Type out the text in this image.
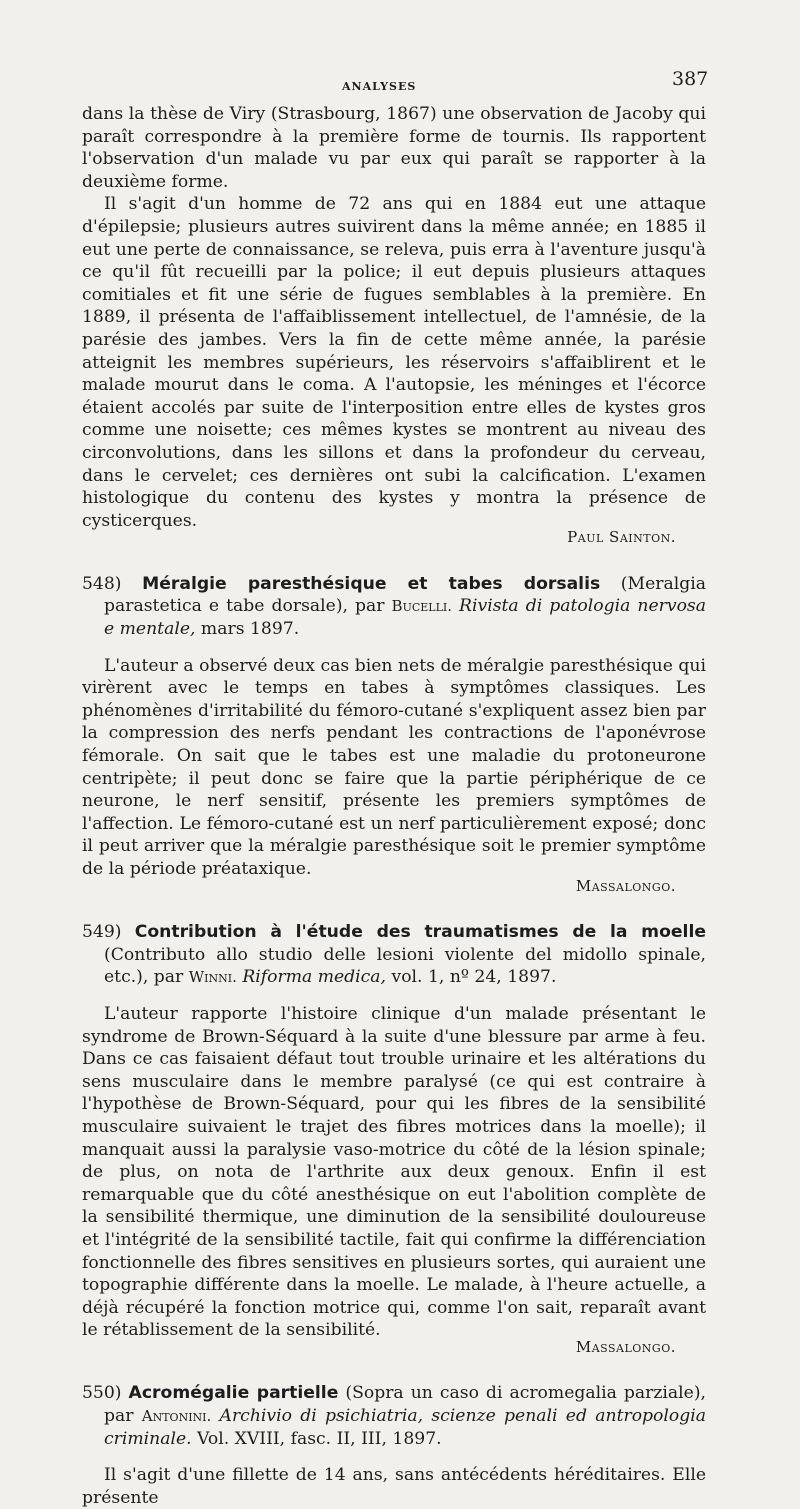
ANALYSES	387

dans la thèse de Viry (Strasbourg, 1867) une observation de Jacoby qui paraît correspondre à la première forme de tournis. Ils rapportent l'observation d'un malade vu par eux qui paraît se rapporter à la deuxième forme.

Il s'agit d'un homme de 72 ans qui en 1884 eut une attaque d'épilepsie; plusieurs autres suivirent dans la même année; en 1885 il eut une perte de connaissance, se releva, puis erra à l'aventure jusqu'à ce qu'il fût recueilli par la police; il eut depuis plusieurs attaques comitiales et fit une série de fugues semblables à la première. En 1889, il présenta de l'affaiblissement intellectuel, de l'amnésie, de la parésie des jambes. Vers la fin de cette même année, la parésie atteignit les membres supérieurs, les réservoirs s'affaiblirent et le malade mourut dans le coma. A l'autopsie, les méninges et l'écorce étaient accolés par suite de l'interposition entre elles de kystes gros comme une noisette; ces mêmes kystes se montrent au niveau des circonvolutions, dans les sillons et dans la profondeur du cerveau, dans le cervelet; ces dernières ont subi la calcification. L'examen histologique du contenu des kystes y montra la présence de cysticerques.

Paul Sainton.

548) Méralgie paresthésique et tabes dorsalis (Meralgia parastetica e tabe dorsale), par Bucelli. Rivista di patologia nervosa e mentale, mars 1897.

L'auteur a observé deux cas bien nets de méralgie paresthésique qui virèrent avec le temps en tabes à symptômes classiques. Les phénomènes d'irritabilité du fémoro-cutané s'expliquent assez bien par la compression des nerfs pendant les contractions de l'aponévrose fémorale. On sait que le tabes est une maladie du protoneurone centripète; il peut donc se faire que la partie périphérique de ce neurone, le nerf sensitif, présente les premiers symptômes de l'affection. Le fémoro-cutané est un nerf particulièrement exposé; donc il peut arriver que la méralgie paresthésique soit le premier symptôme de la période préataxique.

Massalongo.

549) Contribution à l'étude des traumatismes de la moelle (Contributo allo studio delle lesioni violente del midollo spinale, etc.), par Winni. Riforma medica, vol. 1, nº 24, 1897.

L'auteur rapporte l'histoire clinique d'un malade présentant le syndrome de Brown-Séquard à la suite d'une blessure par arme à feu. Dans ce cas faisaient défaut tout trouble urinaire et les altérations du sens musculaire dans le membre paralysé (ce qui est contraire à l'hypothèse de Brown-Séquard, pour qui les fibres de la sensibilité musculaire suivaient le trajet des fibres motrices dans la moelle); il manquait aussi la paralysie vaso-motrice du côté de la lésion spinale; de plus, on nota de l'arthrite aux deux genoux. Enfin il est remarquable que du côté anesthésique on eut l'abolition complète de la sensibilité thermique, une diminution de la sensibilité douloureuse et l'intégrité de la sensibilité tactile, fait qui confirme la différenciation fonctionnelle des fibres sensitives en plusieurs sortes, qui auraient une topographie différente dans la moelle. Le malade, à l'heure actuelle, a déjà récupéré la fonction motrice qui, comme l'on sait, reparaît avant le rétablissement de la sensibilité.

Massalongo.

550) Acromégalie partielle (Sopra un caso di acromegalia parziale), par Antonini. Archivio di psichiatria, scienze penali ed antropologia criminale. Vol. XVIII, fasc. II, III, 1897.

Il s'agit d'une fillette de 14 ans, sans antécédents héréditaires. Elle présente
